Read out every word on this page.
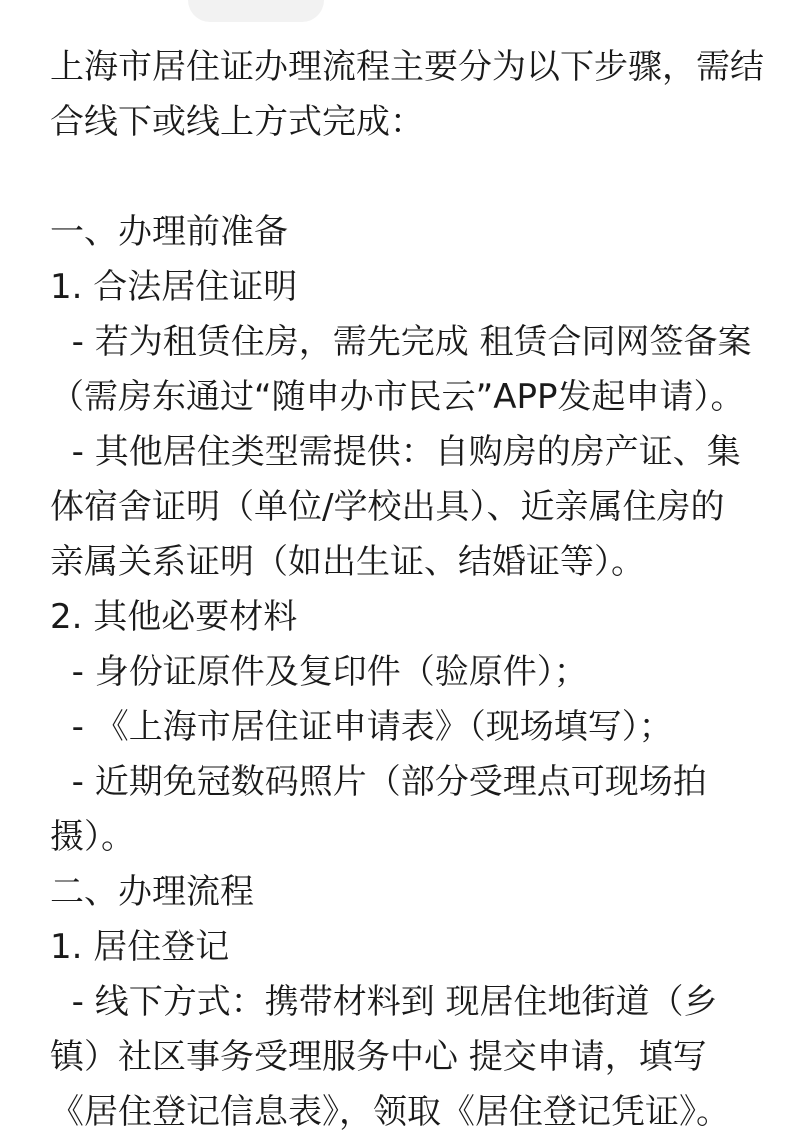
上海市居住证办理流程主要分为以下步骤，需结
合线下或线上方式完成：
一、办理前准备
1. 合法居住证明
- 若为租赁住房，需先完成 租赁合同网签备案
（需房东通过“随申办市民云”APP发起申请）。
- 其他居住类型需提供：自购房的房产证、集
体宿舍证明（单位/学校出具）、近亲属住房的
亲属关系证明（如出生证、结婚证等）。
2. 其他必要材料
- 身份证原件及复印件（验原件）；
- 《上海市居住证申请表》（现场填写）；
- 近期免冠数码照片（部分受理点可现场拍
摄）。
二、办理流程
1. 居住登记
- 线下方式：携带材料到 现居住地街道（乡
镇）社区事务受理服务中心 提交申请，填写
《居住登记信息表》，领取《居住登记凭证》。
